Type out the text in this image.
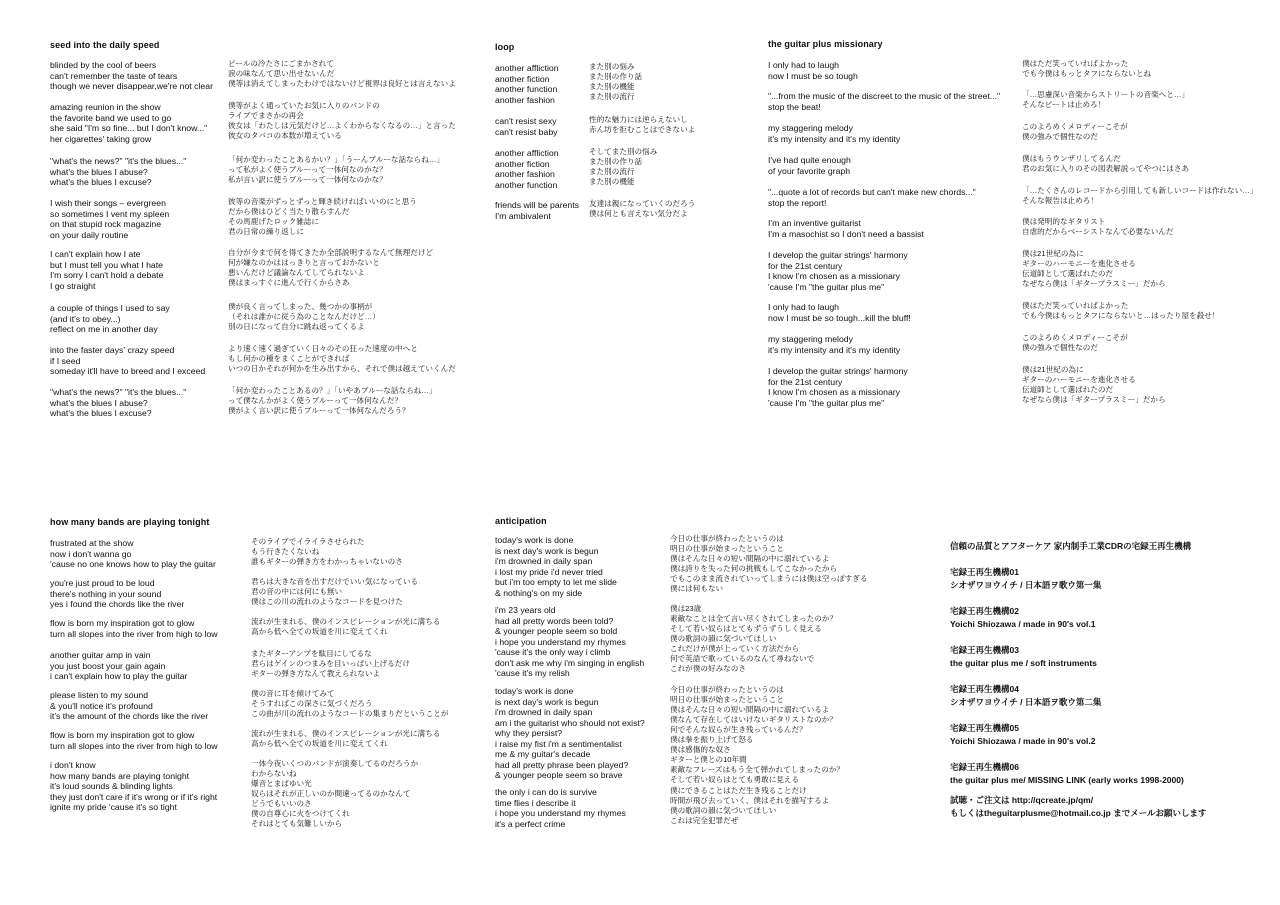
seed into the daily speed
blinded by the cool of beers
can't remember the taste of tears
though we never disappear,we're not clear
ビールの冷たさにごまかされて
涙の味なんて思い出せないんだ
僕等は消えてしまったわけではないけど視界は良好とは言えないよ
amazing reunion in the show
the favorite band we used to go
she said "I'm so fine... but I don't know..."
her cigarettes' taking grow
僕等がよく通っていたお気に入りのバンドの
ライブでまさかの再会
彼女は「わたしは元気だけど…よくわからなくなるの…」と言った
彼女のタバコの本数が増えている
"what's the news?" "it's the blues..."
what's the blues I abuse?
what's the blues I excuse?
「何か変わったことあるかい？」「うーんブルーな話ならね…」
って私がよく使うブルーって一体何なのかな？
私が言い訳に使うブルーって一体何なのかな？
I wish their songs – evergreen
so sometimes I vent my spleen
on that stupid rock magazine
on your daily routine
彼等の音楽がずっとずっと輝き続ければいいのにと思う
だから僕はひどく当たり散らすんだ
その馬鹿げたロック雑誌に
君の日常の繰り返しに
I can't explain how I ate
but I must tell you what I hate
I'm sorry I can't hold a debate
I go straight
自分が今まで何を得てきたか全部説明するなんて無理だけど
何が嫌なのかははっきりと言っておかないと
悪いんだけど議論なんてしてられないよ
僕はまっすぐに進んで行くからさあ
a couple of things I used to say
(and it's to obey...)
reflect on me in another day
僕が良く言ってしまった、幾つかの事柄が
（それは誰かに従う為のことなんだけど…）
別の日になって自分に跳ね返ってくるよ
into the faster days' crazy speed
if I seed
someday it'll have to breed and I exceed
より速く速く過ぎていく日々のその狂った速度の中へと
もし何かの種をまくことができれば
いつの日かそれが何かを生み出すから、それで僕は越えていくんだ
"what's the news?" "it's the blues..."
what's the blues I abuse?
what's the blues I excuse?
「何か変わったことあるの？」「いやあブルーな話ならね…」
って僕なんかがよく使うブルーって一体何なんだ？
僕がよく言い訳に使うブルーって一体何なんだろう？
loop
another affliction
another fiction
another function
another fashion
また別の悩み
また別の作り話
また別の機能
また別の流行
can't resist sexy
can't resist baby
性的な魅力には逆らえないし
赤ん坊を拒むことはできないよ
another affliction
another fiction
another fashion
another function
そしてまた別の悩み
また別の作り話
また別の流行
また別の機能
friends will be parents
I'm ambivalent
友達は親になっていくのだろう
僕は何とも言えない気分だよ
the guitar plus missionary
I only had to laugh
now I must be so tough
僕はただ笑っていればよかった
でも今僕はもっとタフにならないとね
"...from the music of the discreet to the music of the street..."
stop the beat!
「…思慮深い音楽からストリートの音楽へと…」
そんなビートは止めろ！
my staggering melody
it's my intensity and it's my identity
このよろめくメロディーこそが
僕の強みで個性なのだ
I've had quite enough
of your favorite graph
僕はもうウンザリしてるんだ
君のお気に入りのその図表解説ってやつにはさあ
"...quote a lot of records but can't make new chords..."
stop the report!
「…たくさんのレコードから引用しても新しいコードは作れない…」
そんな報告は止めろ！
I'm an inventive guitarist
I'm a masochist so I don't need a bassist
僕は発明的なギタリスト
自虐的だからベーシストなんて必要ないんだ
I develop the guitar strings' harmony
for the 21st century
I know I'm chosen as a missionary
'cause I'm "the guitar plus me"
僕は21世紀の為に
ギターのハーモニーを進化させる
伝道師として選ばれたのだ
なぜなら僕は「ギタープラスミー」だから
I only had to laugh
now I must be so tough...kill the bluff!
僕はただ笑っていればよかった
でも今僕はもっとタフにならないと…はったり屋を殺せ！
my staggering melody
it's my intensity and it's my identity
このよろめくメロディーこそが
僕の強みで個性なのだ
I develop the guitar strings' harmony
for the 21st century
I know I'm chosen as a missionary
'cause I'm "the guitar plus me"
僕は21世紀の為に
ギターのハーモニーを進化させる
伝道師として選ばれたのだ
なぜなら僕は「ギタープラスミー」だから
how many bands are playing tonight
frustrated at the show
now i don't wanna go
'cause no one knows how to play the guitar
そのライブでイライラさせられた
もう行きたくないね
誰もギターの弾き方をわかっちゃいないのさ
you're just proud to be loud
there's nothing in your sound
yes i found the chords like the river
君らは大きな音を出すだけでいい気になっている
君の音の中には何にも無い
僕はこの川の流れのようなコードを見つけた
flow is born my inspiration got to glow
turn all slopes into the river from high to low
流れが生まれる、僕のインスピレーションが光に満ちる
高から低へ全ての坂道を川に変えてくれ
another guitar amp in vain
you just boost your gain again
i can't explain how to play the guitar
またギターアンプを駄目にしてるな
君らはゲインのつまみを目いっぱい上げるだけ
ギターの弾き方なんて教えられないよ
please listen to my sound
& you'll notice it's profound
it's the amount of the chords like the river
僕の音に耳を傾けてみて
そうすればこの深さに気づくだろう
この曲が川の流れのようなコードの集まりだということが
flow is born my inspiration got to glow
turn all slopes into the river from high to low
流れが生まれる、僕のインスピレーションが光に満ちる
高から低へ全ての坂道を川に変えてくれ
i don't know
how many bands are playing tonight
it's loud sounds & blinding lights
they just don't care if it's wrong or if it's right
ignite my pride 'cause it's so tight
一体今夜いくつのバンドが演奏してるのだろうか
わからないね
爆音とまばゆい光
奴らはそれが正しいのか間違ってるのかなんて
どうでもいいのさ
僕の自尊心に火をつけてくれ
それはとても気難しいから
anticipation
today's work is done
is next day's work is begun
i'm drowned in daily span
i lost my pride i'd never tried
but i'm too empty to let me slide
& nothing's on my side
今日の仕事が終わったというのは
明日の仕事が始まったということ
僕はそんな日々の短い間隔の中に溺れているよ
僕は誇りを失った何の挑戦もしてこなかったから
でもこのまま流されていってしまうには僕は空っぽすぎる
僕には何もない
i'm 23 years old
had all pretty words been told?
& younger people seem so bold
i hope you understand my rhymes
'cause it's the only way i climb
don't ask me why i'm singing in english
'cause it's my relish
僕は23歳
素敵なことは全て言い尽くされてしまったのか？
そして若い奴らはとてもずうずうしく見える
僕の歌詞の韻に気づいてほしい
これだけが僕が上っていく方法だから
何で英語で歌っているのなんて尋ねないで
これが僕の好みなのさ
today's work is done
is next day's work is begun
i'm drowned in daily span
am i the guitarist who should not exist?
why they persist?
i raise my fist i'm a sentimentalist
me & my guitar's decade
had all pretty phrase been played?
& younger people seem so brave
今日の仕事が終わったというのは
明日の仕事が始まったということ
僕はそんな日々の短い間隔の中に溺れているよ
僕なんて存在してはいけないギタリストなのか？
何でそんな奴らが生き残っているんだ？
僕は拳を振り上げて怒る
僕は感傷的な奴さ
ギターと僕との10年間
素敵なフレーズはもう全て弾かれてしまったのか？
そして若い奴らはとても勇敢に見える
the only i can do is survive
time flies i describe it
i hope you understand my rhymes
it's a perfect crime
僕にできることはただ生き残ることだけ
時間が飛び去っていく、僕はそれを描写するよ
僕の歌詞の韻に気づいてほしい
これは完全犯罪だぜ
信頼の品質とアフターケア 家内制手工業CDRの宅録王再生機構
宅録王再生機構01
シオザワヨウイチ / 日本語ヲ歌ウ第一集
宅録王再生機構02
Yoichi Shiozawa / made in 90's vol.1
宅録王再生機構03
the guitar plus me / soft instruments
宅録王再生機構04
シオザワヨウイチ / 日本語ヲ歌ウ第二集
宅録王再生機構05
Yoichi Shiozawa / made in 90's vol.2
宅録王再生機構06
the guitar plus me/ MISSING LINK (early works 1998-2000)
試聴・ご注文は http://qcreate.jp/qm/
もしくはtheguitarplusme@hotmail.co.jp までメールお願いします
